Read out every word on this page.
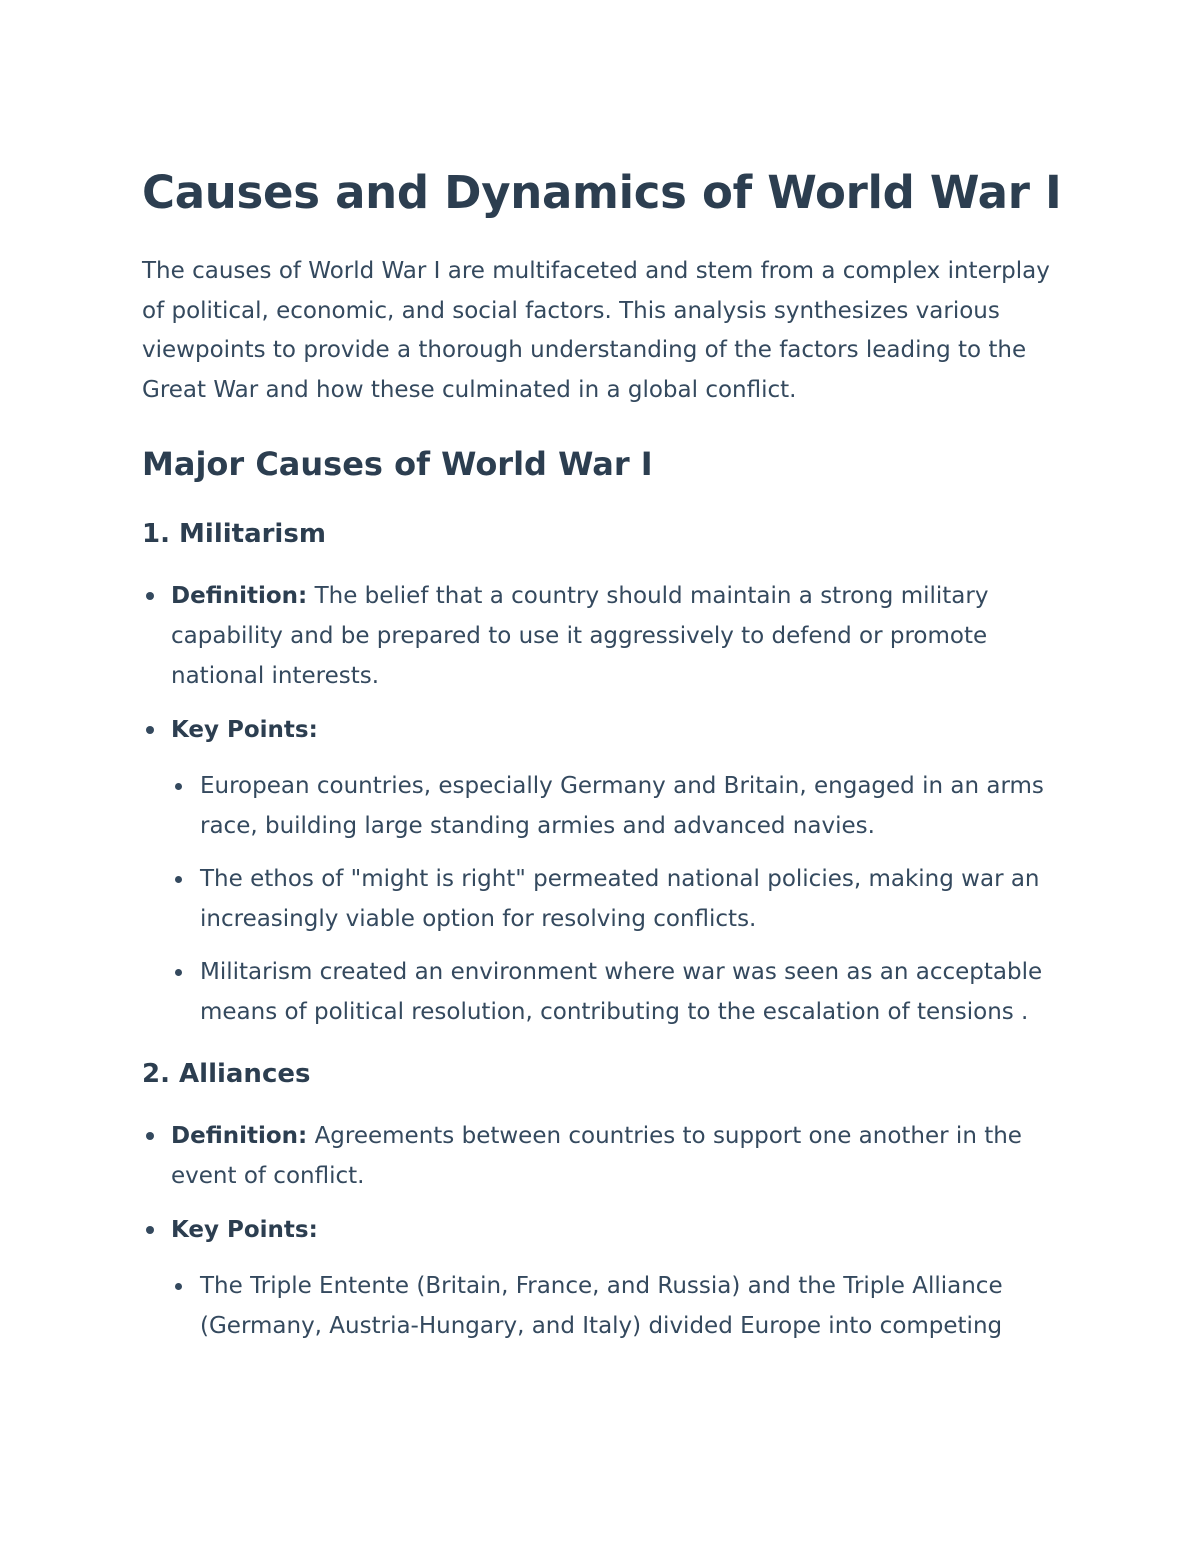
Causes and Dynamics of World War I

The causes of World War I are multifaceted and stem from a complex interplay of political, economic, and social factors. This analysis synthesizes various viewpoints to provide a thorough understanding of the factors leading to the Great War and how these culminated in a global conflict.

Major Causes of World War I
1. Militarism
Definition: The belief that a country should maintain a strong military capability and be prepared to use it aggressively to defend or promote national interests.
Key Points:
European countries, especially Germany and Britain, engaged in an arms race, building large standing armies and advanced navies.
The ethos of "might is right" permeated national policies, making war an increasingly viable option for resolving conflicts.
Militarism created an environment where war was seen as an acceptable means of political resolution, contributing to the escalation of tensions .
2. Alliances
Definition: Agreements between countries to support one another in the event of conflict.
Key Points:
The Triple Entente (Britain, France, and Russia) and the Triple Alliance (Germany, Austria-Hungary, and Italy) divided Europe into competing
